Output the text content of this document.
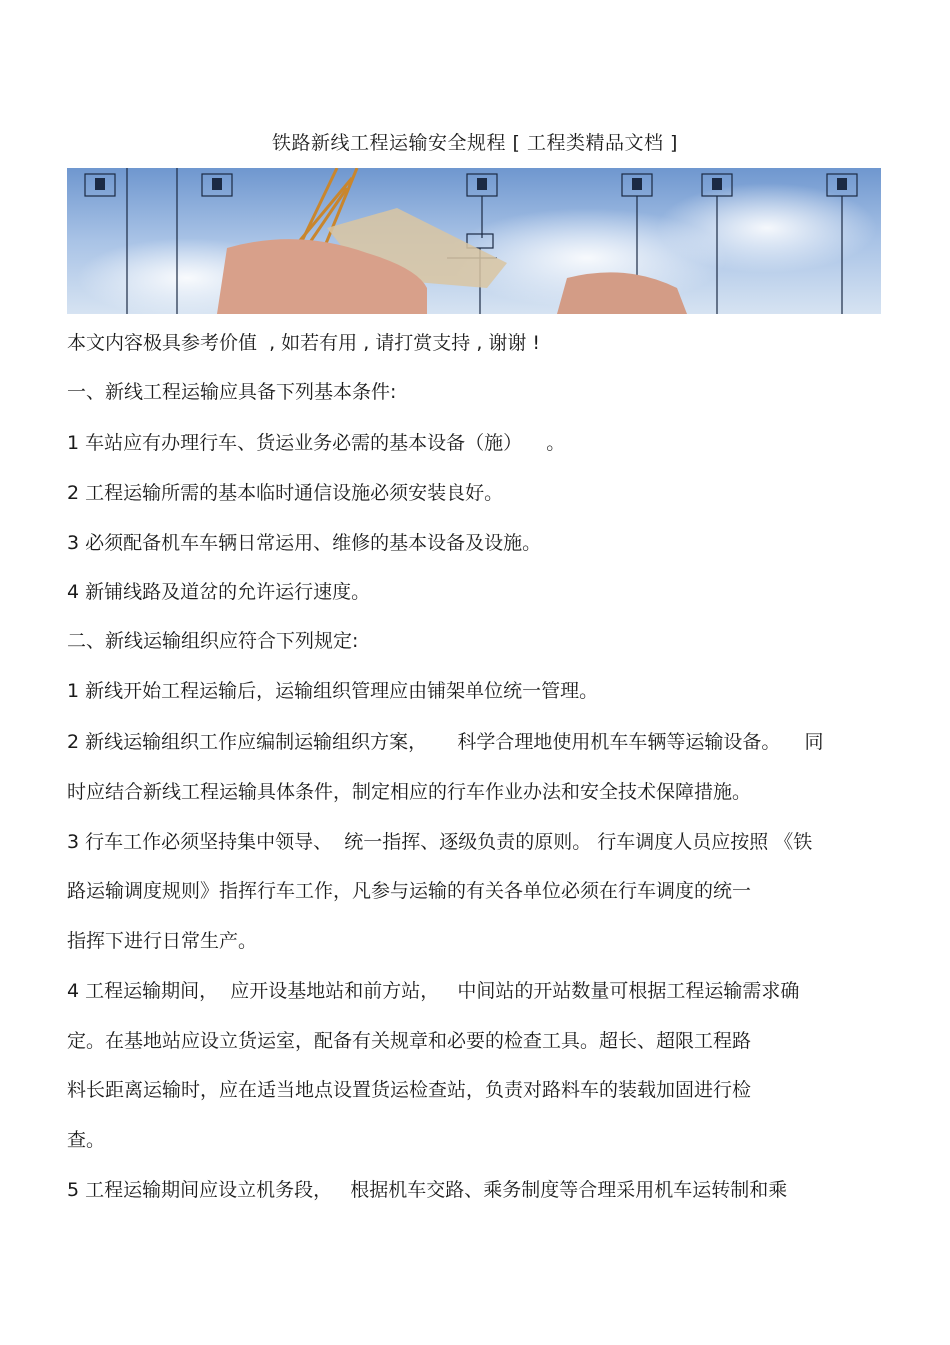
铁路新线工程运输安全规程 [ 工程类精品文档 ]
本文内容极具参考价值  , 如若有用 , 请打赏支持 , 谢谢 !
一、新线工程运输应具备下列基本条件:
1 车站应有办理行车、货运业务必需的基本设备（施）    。
2 工程运输所需的基本临时通信设施必须安装良好。
3 必须配备机车车辆日常运用、维修的基本设备及设施。
4 新铺线路及道岔的允许运行速度。
二、新线运输组织应符合下列规定:
1 新线开始工程运输后，运输组织管理应由铺架单位统一管理。
2 新线运输组织工作应编制运输组织方案，     科学合理地使用机车车辆等运输设备。    同
时应结合新线工程运输具体条件，制定相应的行车作业办法和安全技术保障措施。
3 行车工作必须坚持集中领导、  统一指挥、逐级负责的原则。 行车调度人员应按照 《铁
路运输调度规则》指挥行车工作，凡参与运输的有关各单位必须在行车调度的统一
指挥下进行日常生产。
4 工程运输期间，  应开设基地站和前方站，   中间站的开站数量可根据工程运输需求确
定。在基地站应设立货运室，配备有关规章和必要的检查工具。超长、超限工程路
料长距离运输时，应在适当地点设置货运检查站，负责对路料车的装载加固进行检
查。
5 工程运输期间应设立机务段，   根据机车交路、乘务制度等合理采用机车运转制和乘
